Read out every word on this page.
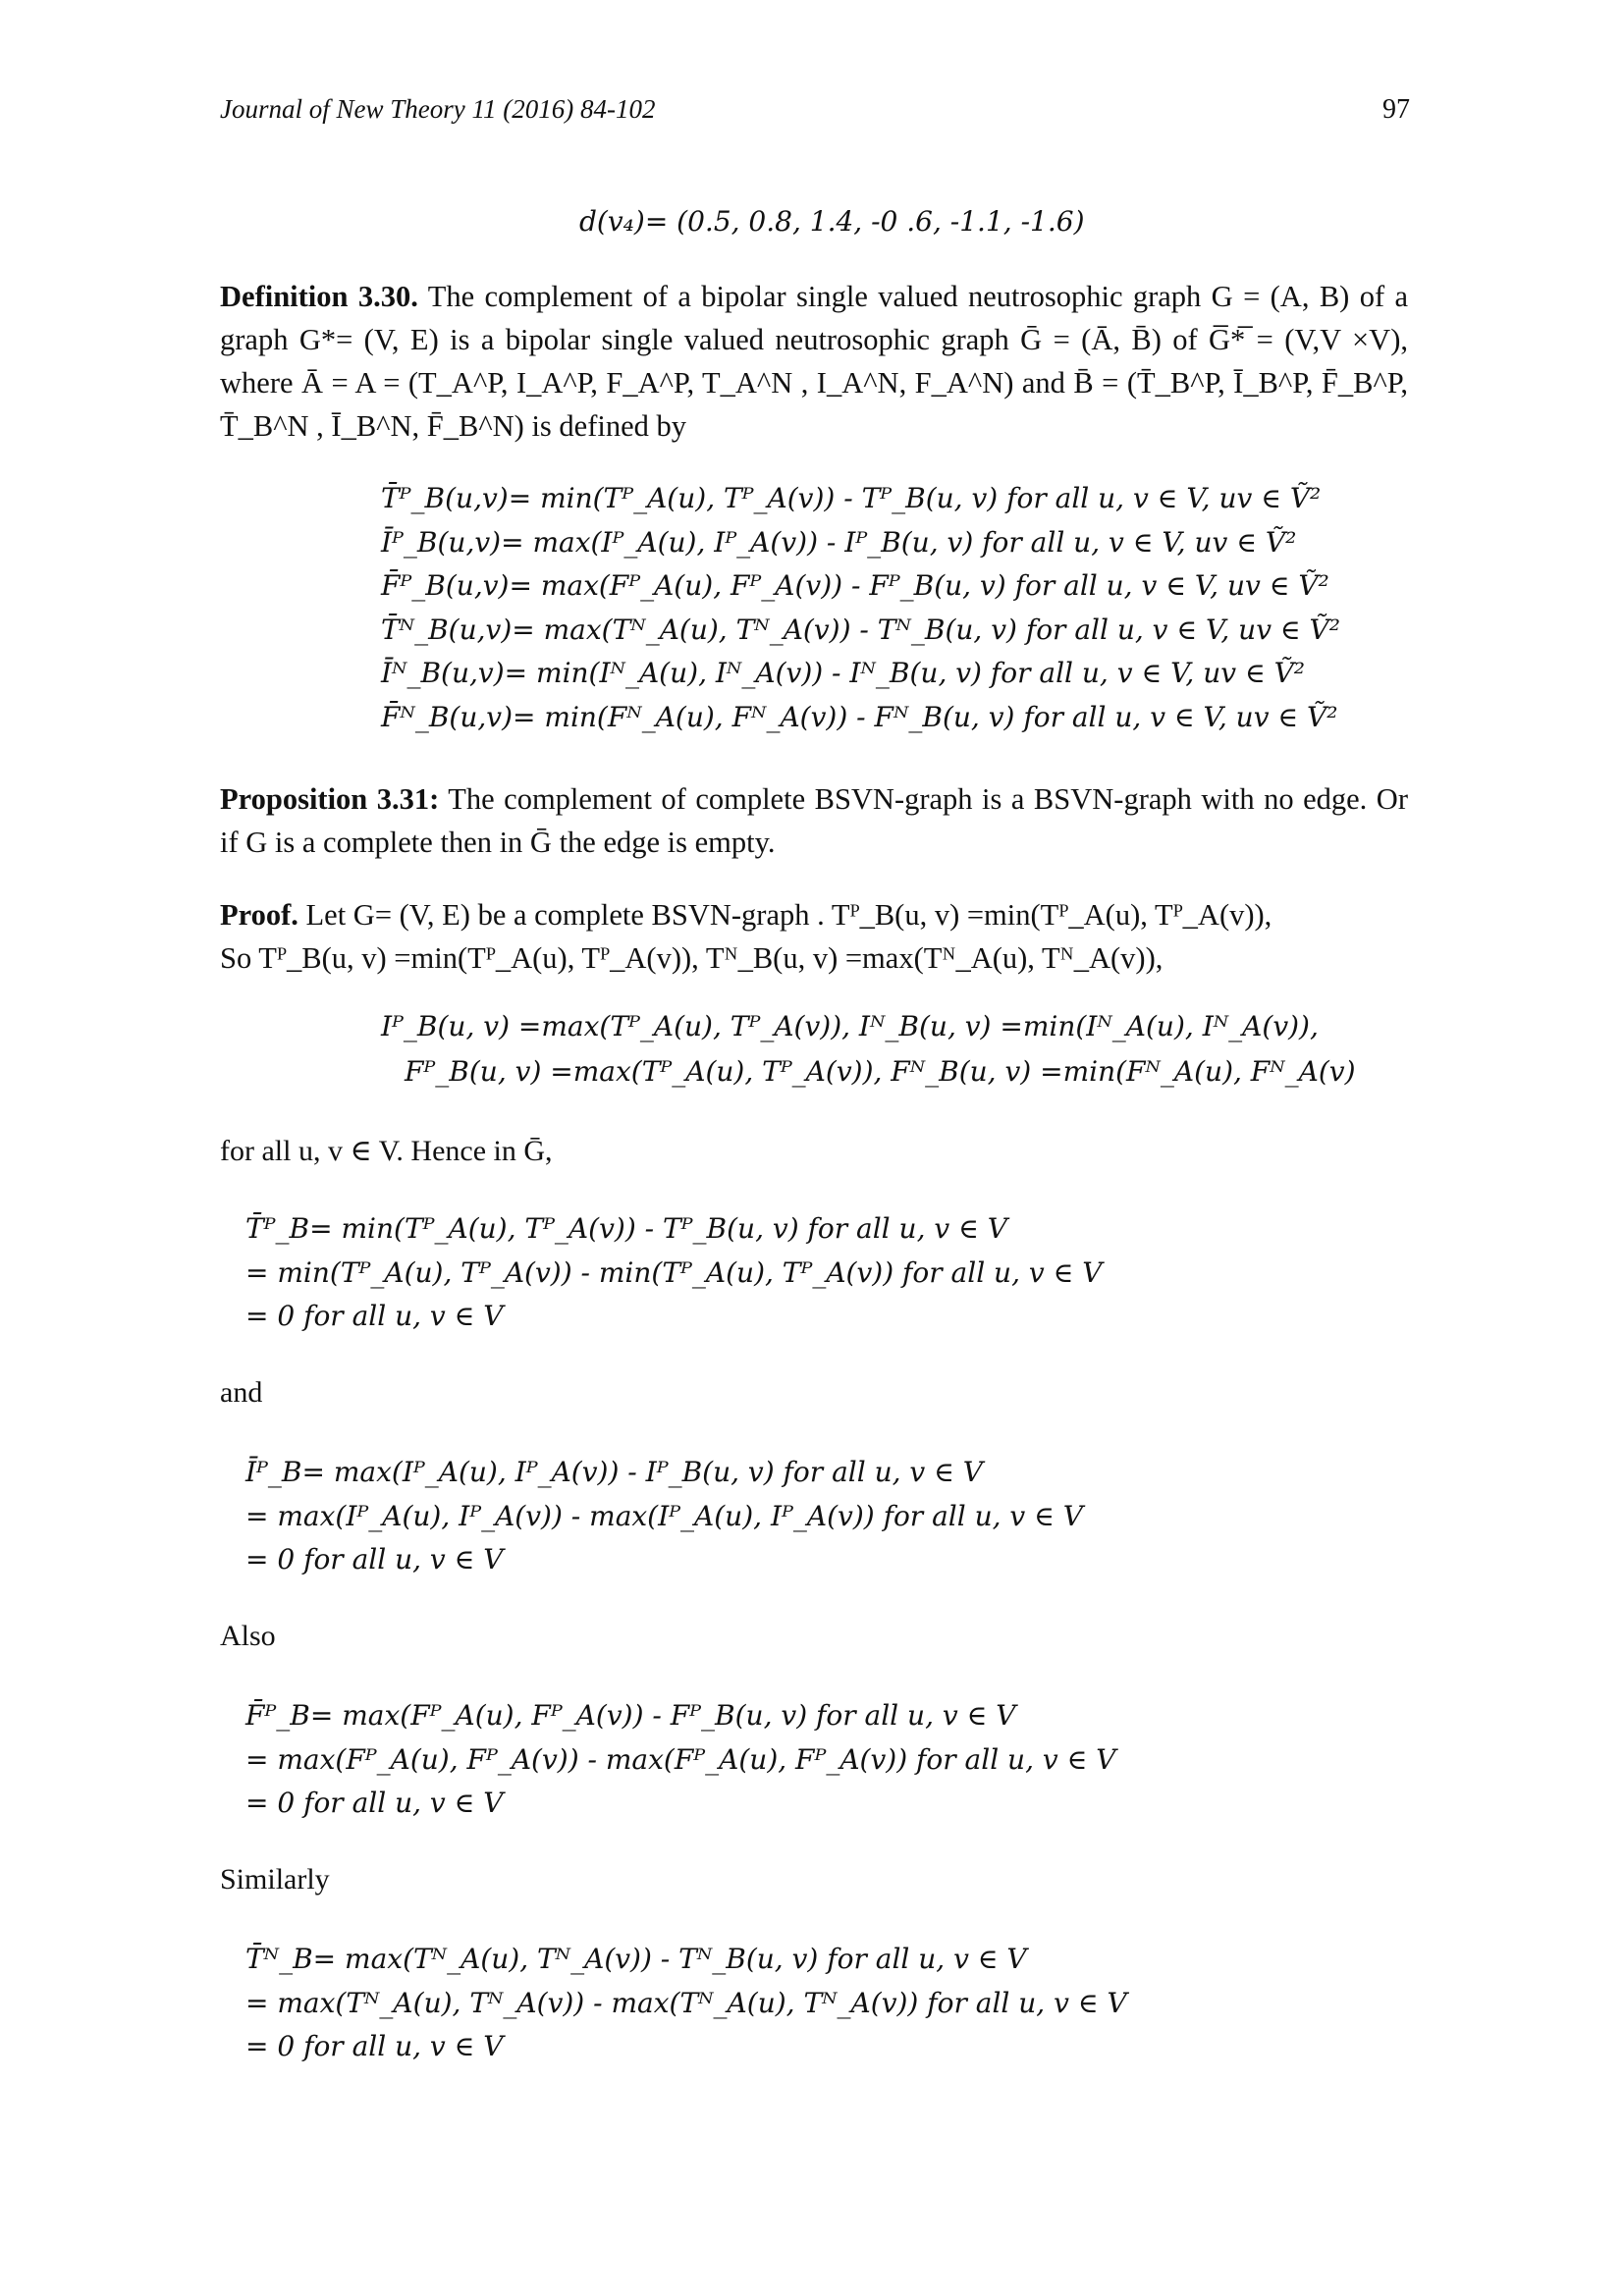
Journal of New Theory 11 (2016) 84-102	97
d(v₄)= (0.5, 0.8, 1.4, -0 .6, -1.1, -1.6)
Definition 3.30. The complement of a bipolar single valued neutrosophic graph G = (A, B) of a graph G*= (V, E) is a bipolar single valued neutrosophic graph Ḡ = (Ā, B̄) of G̅*̅ = (V,V ×V), where Ā = A = (T_A^P, I_A^P, F_A^P, T_A^N , I_A^N, F_A^N) and B̄ = (T̄_B^P, Ī_B^P, F̄_B^P, T̄_B^N , Ī_B^N, F̄_B^N) is defined by
T̄ᴾ_B(u,v)= min(Tᴾ_A(u), Tᴾ_A(v)) - Tᴾ_B(u, v) for all u, v ∈ V, uv ∈ Ṽ²
Īᴾ_B(u,v)= max(Iᴾ_A(u), Iᴾ_A(v)) - Iᴾ_B(u, v) for all u, v ∈ V, uv ∈ Ṽ²
F̄ᴾ_B(u,v)= max(Fᴾ_A(u), Fᴾ_A(v)) - Fᴾ_B(u, v) for all u, v ∈ V, uv ∈ Ṽ²
T̄ᴺ_B(u,v)= max(Tᴺ_A(u), Tᴺ_A(v)) - Tᴺ_B(u, v) for all u, v ∈ V, uv ∈ Ṽ²
Īᴺ_B(u,v)= min(Iᴺ_A(u), Iᴺ_A(v)) - Iᴺ_B(u, v) for all u, v ∈ V, uv ∈ Ṽ²
F̄ᴺ_B(u,v)= min(Fᴺ_A(u), Fᴺ_A(v)) - Fᴺ_B(u, v) for all u, v ∈ V, uv ∈ Ṽ²
Proposition 3.31: The complement of complete BSVN-graph is a BSVN-graph with no edge. Or if G is a complete then in Ḡ the edge is empty.
Proof. Let G= (V, E) be a complete BSVN-graph . Tᴾ_B(u, v) =min(Tᴾ_A(u), Tᴾ_A(v)),
So Tᴾ_B(u, v) =min(Tᴾ_A(u), Tᴾ_A(v)), Tᴺ_B(u, v) =max(Tᴺ_A(u), Tᴺ_A(v)),
Iᴾ_B(u, v) =max(Tᴾ_A(u), Tᴾ_A(v)), Iᴺ_B(u, v) =min(Iᴺ_A(u), Iᴺ_A(v)),
Fᴾ_B(u, v) =max(Tᴾ_A(u), Tᴾ_A(v)), Fᴺ_B(u, v) =min(Fᴺ_A(u), Fᴺ_A(v)
for all u, v ∈ V. Hence in Ḡ,
T̄ᴾ_B= min(Tᴾ_A(u), Tᴾ_A(v)) - Tᴾ_B(u, v) for all u, v ∈ V
= min(Tᴾ_A(u), Tᴾ_A(v)) - min(Tᴾ_A(u), Tᴾ_A(v)) for all u, v ∈ V
= 0 for all u, v ∈ V
and
Īᴾ_B= max(Iᴾ_A(u), Iᴾ_A(v)) - Iᴾ_B(u, v) for all u, v ∈ V
= max(Iᴾ_A(u), Iᴾ_A(v)) - max(Iᴾ_A(u), Iᴾ_A(v)) for all u, v ∈ V
= 0 for all u, v ∈ V
Also
F̄ᴾ_B= max(Fᴾ_A(u), Fᴾ_A(v)) - Fᴾ_B(u, v) for all u, v ∈ V
= max(Fᴾ_A(u), Fᴾ_A(v)) - max(Fᴾ_A(u), Fᴾ_A(v)) for all u, v ∈ V
= 0 for all u, v ∈ V
Similarly
T̄ᴺ_B= max(Tᴺ_A(u), Tᴺ_A(v)) - Tᴺ_B(u, v) for all u, v ∈ V
= max(Tᴺ_A(u), Tᴺ_A(v)) - max(Tᴺ_A(u), Tᴺ_A(v)) for all u, v ∈ V
= 0 for all u, v ∈ V
